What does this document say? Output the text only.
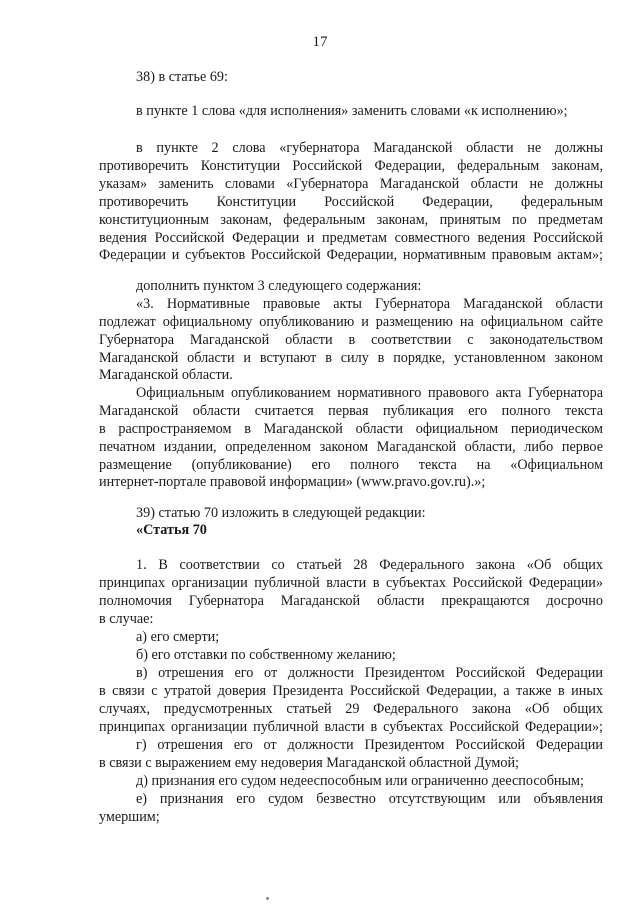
17
38) в статье 69:
в пункте 1 слова «для исполнения» заменить словами «к исполнению»;
в пункте 2 слова «губернатора Магаданской области не должны
противоречить Конституции Российской Федерации, федеральным законам,
указам» заменить словами «Губернатора Магаданской области не должны
противоречить Конституции Российской Федерации, федеральным
конституционным законам, федеральным законам, принятым по предметам
ведения Российской Федерации и предметам совместного ведения Российской
Федерации и субъектов Российской Федерации, нормативным правовым актам»;
дополнить пунктом 3 следующего содержания:
«3. Нормативные правовые акты Губернатора Магаданской области
подлежат официальному опубликованию и размещению на официальном сайте
Губернатора Магаданской области в соответствии с законодательством
Магаданской области и вступают в силу в порядке, установленном законом
Магаданской области.
Официальным опубликованием нормативного правового акта Губернатора
Магаданской области считается первая публикация его полного текста
в распространяемом в Магаданской области официальном периодическом
печатном издании, определенном законом Магаданской области, либо первое
размещение (опубликование) его полного текста на «Официальном
интернет-портале правовой информации» (www.pravo.gov.ru).»;
39) статью 70 изложить в следующей редакции:
«Статья 70
1. В соответствии со статьей 28 Федерального закона «Об общих
принципах организации публичной власти в субъектах Российской Федерации»
полномочия Губернатора Магаданской области прекращаются досрочно
в случае:
а) его смерти;
б) его отставки по собственному желанию;
в) отрешения его от должности Президентом Российской Федерации
в связи с утратой доверия Президента Российской Федерации, а также в иных
случаях, предусмотренных статьей 29 Федерального закона «Об общих
принципах организации публичной власти в субъектах Российской Федерации»;
г) отрешения его от должности Президентом Российской Федерации
в связи с выражением ему недоверия Магаданской областной Думой;
д) признания его судом недееспособным или ограниченно дееспособным;
е) признания его судом безвестно отсутствующим или объявления
умершим;
